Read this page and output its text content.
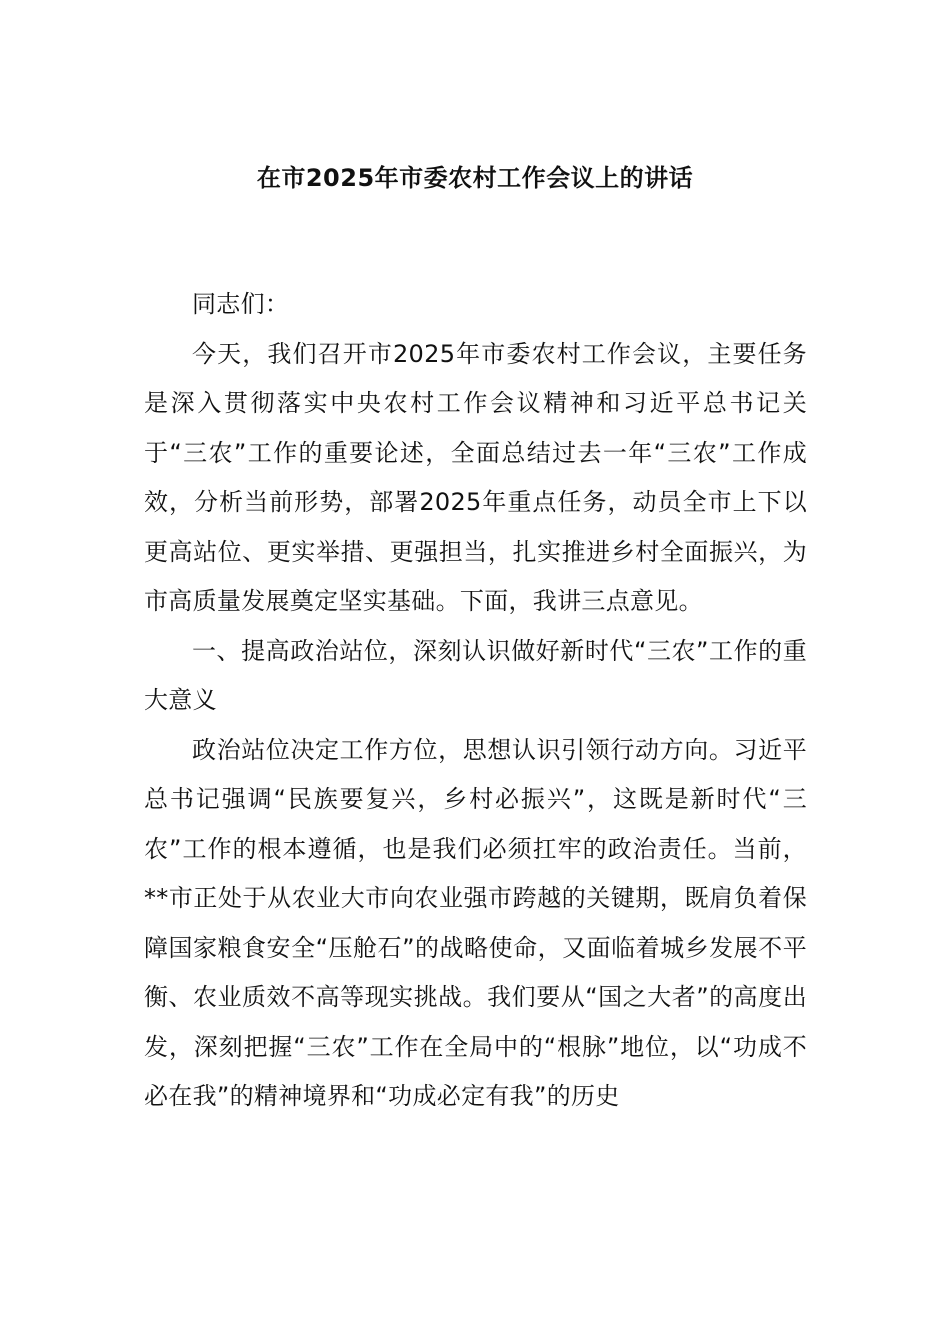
在市2025年市委农村工作会议上的讲话

同志们：

今天，我们召开市2025年市委农村工作会议，主要任务是深入贯彻落实中央农村工作会议精神和习近平总书记关于“三农”工作的重要论述，全面总结过去一年“三农”工作成效，分析当前形势，部署2025年重点任务，动员全市上下以更高站位、更实举措、更强担当，扎实推进乡村全面振兴，为市高质量发展奠定坚实基础。下面，我讲三点意见。

一、提高政治站位，深刻认识做好新时代“三农”工作的重大意义

政治站位决定工作方位，思想认识引领行动方向。习近平总书记强调“民族要复兴，乡村必振兴”，这既是新时代“三农”工作的根本遵循，也是我们必须扛牢的政治责任。当前，**市正处于从农业大市向农业强市跨越的关键期，既肩负着保障国家粮食安全“压舱石”的战略使命，又面临着城乡发展不平衡、农业质效不高等现实挑战。我们要从“国之大者”的高度出发，深刻把握“三农”工作在全局中的“根脉”地位，以“功成不必在我”的精神境界和“功成必定有我”的历史
